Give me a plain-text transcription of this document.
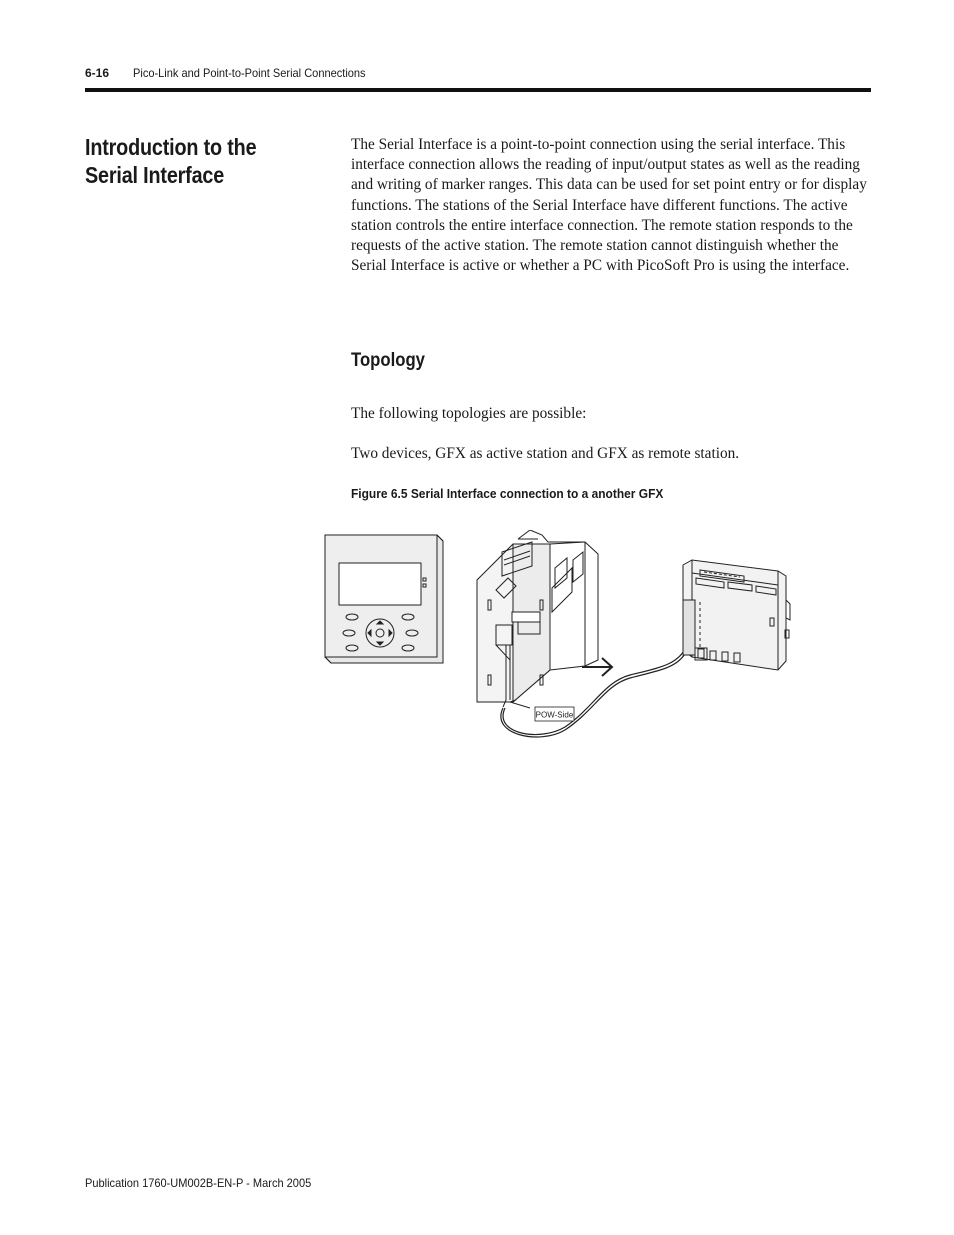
6-16 Pico-Link and Point-to-Point Serial Connections
Introduction to the Serial Interface

The Serial Interface is a point-to-point connection using the serial interface. This interface connection allows the reading of input/output states as well as the reading and writing of marker ranges. This data can be used for set point entry or for display functions. The stations of the Serial Interface have different functions. The active station controls the entire interface connection. The remote station responds to the requests of the active station. The remote station cannot distinguish whether the Serial Interface is active or whether a PC with PicoSoft Pro is using the interface.

Topology

The following topologies are possible:

Two devices, GFX as active station and GFX as remote station.

Figure 6.5 Serial Interface connection to a another GFX
POW-Side
Publication 1760-UM002B-EN-P - March 2005
